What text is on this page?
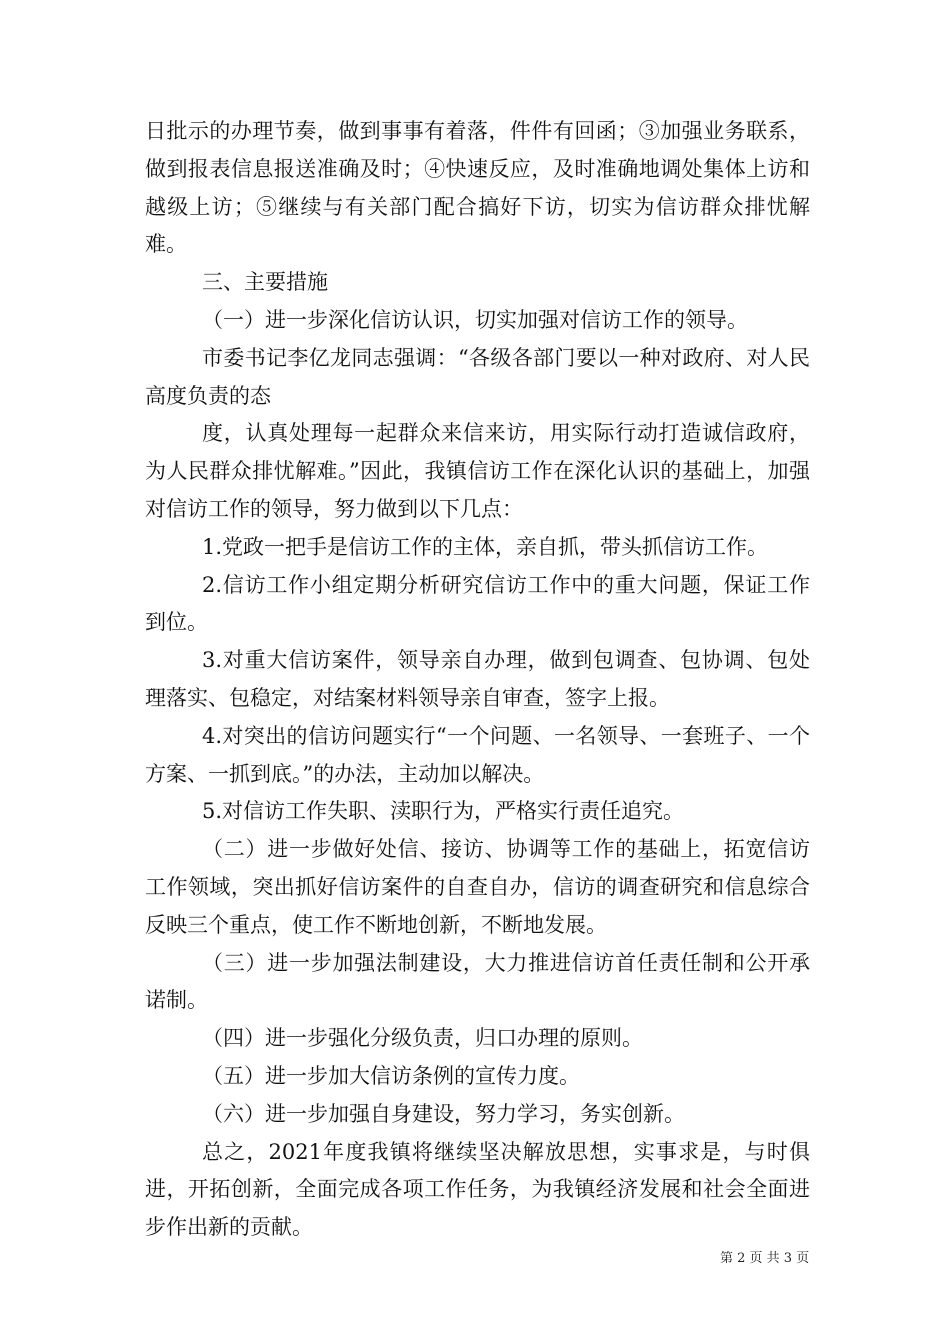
日批示的办理节奏，做到事事有着落，件件有回函；③加强业务联系，做到报表信息报送准确及时；④快速反应，及时准确地调处集体上访和越级上访；⑤继续与有关部门配合搞好下访，切实为信访群众排忧解难。

三、主要措施

（一）进一步深化信访认识，切实加强对信访工作的领导。

市委书记李亿龙同志强调：“各级各部门要以一种对政府、对人民高度负责的态

度，认真处理每一起群众来信来访，用实际行动打造诚信政府，为人民群众排忧解难。”因此，我镇信访工作在深化认识的基础上，加强对信访工作的领导，努力做到以下几点：

1.党政一把手是信访工作的主体，亲自抓，带头抓信访工作。

2.信访工作小组定期分析研究信访工作中的重大问题，保证工作到位。

3.对重大信访案件，领导亲自办理，做到包调查、包协调、包处理落实、包稳定，对结案材料领导亲自审查，签字上报。

4.对突出的信访问题实行“一个问题、一名领导、一套班子、一个方案、一抓到底。”的办法，主动加以解决。

5.对信访工作失职、渎职行为，严格实行责任追究。

（二）进一步做好处信、接访、协调等工作的基础上，拓宽信访工作领域，突出抓好信访案件的自查自办，信访的调查研究和信息综合反映三个重点，使工作不断地创新，不断地发展。

（三）进一步加强法制建设，大力推进信访首任责任制和公开承诺制。

（四）进一步强化分级负责，归口办理的原则。

（五）进一步加大信访条例的宣传力度。

（六）进一步加强自身建设，努力学习，务实创新。

总之，2021年度我镇将继续坚决解放思想，实事求是，与时俱进，开拓创新，全面完成各项工作任务，为我镇经济发展和社会全面进步作出新的贡献。

第 2 页 共 3 页
